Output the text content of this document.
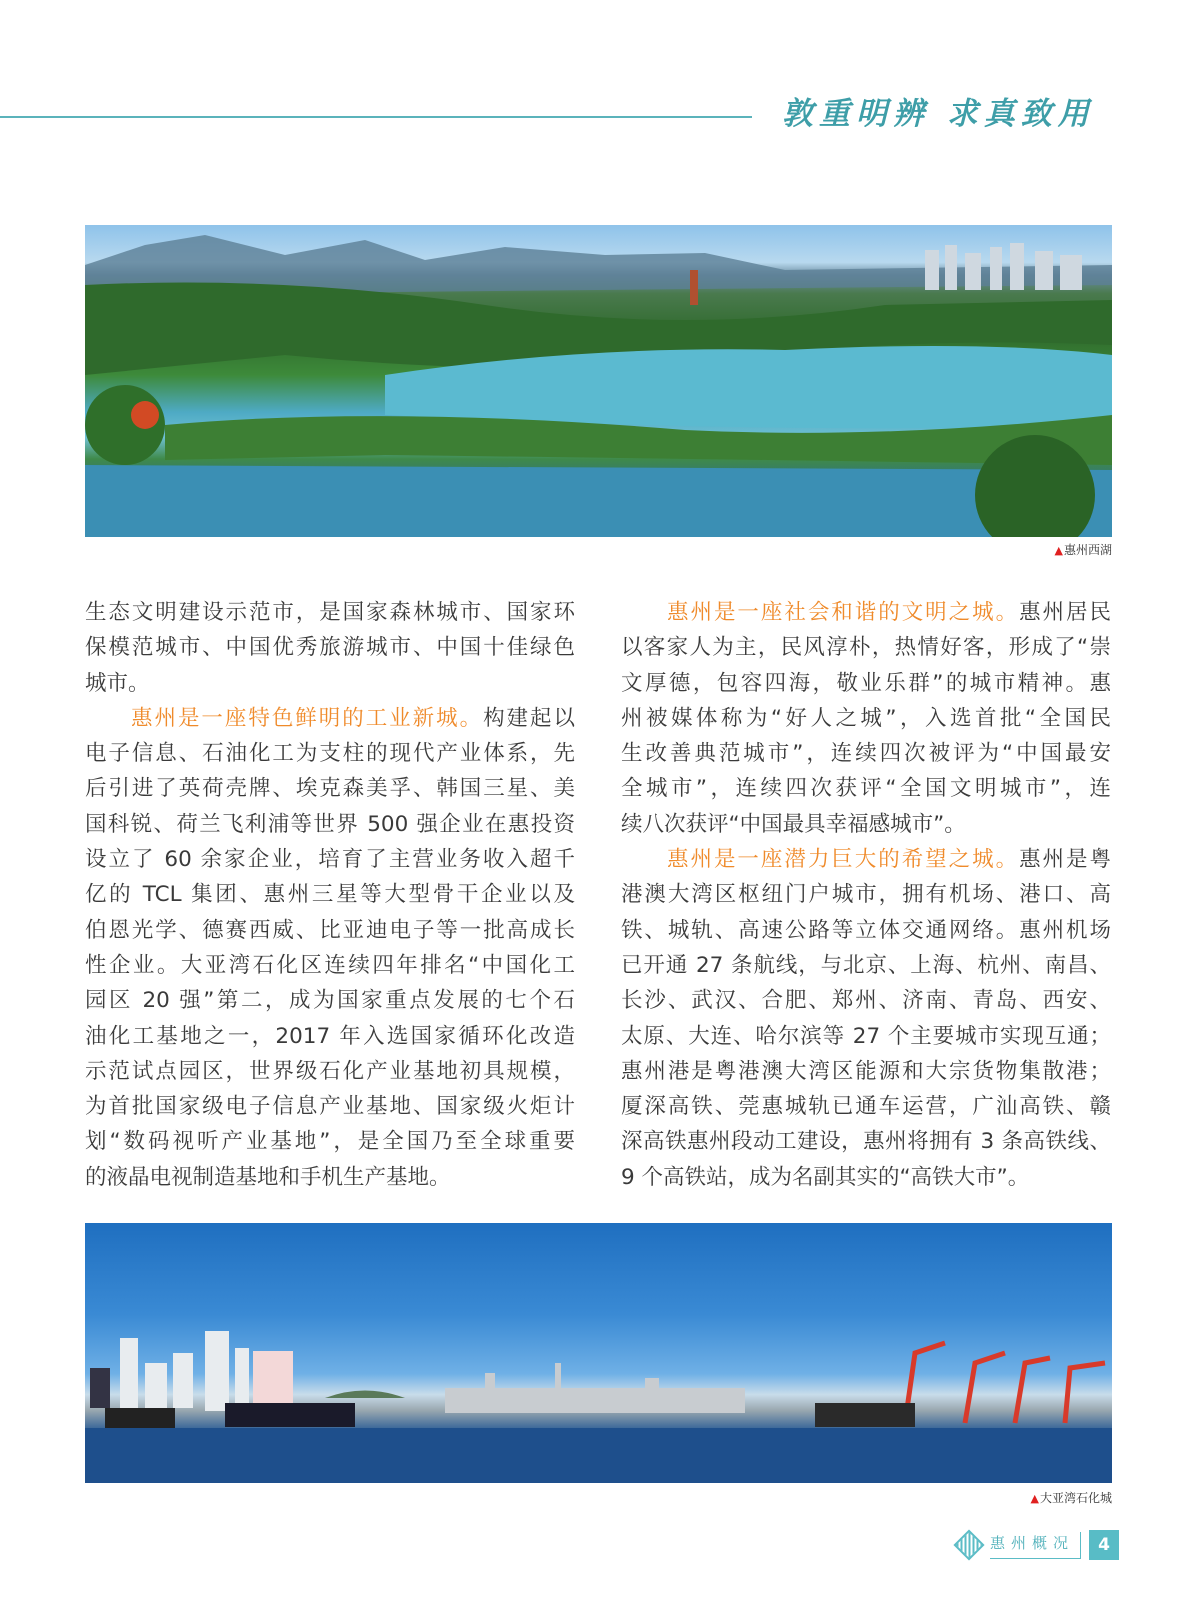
敦重明辨 求真致用
▲惠州西湖
生态文明建设示范市，是国家森林城市、国家环
保模范城市、中国优秀旅游城市、中国十佳绿色
城市。
惠州是一座特色鲜明的工业新城。构建起以
电子信息、石油化工为支柱的现代产业体系，先
后引进了英荷壳牌、埃克森美孚、韩国三星、美
国科锐、荷兰飞利浦等世界 500 强企业在惠投资
设立了 60 余家企业，培育了主营业务收入超千
亿的 TCL 集团、惠州三星等大型骨干企业以及
伯恩光学、德赛西威、比亚迪电子等一批高成长
性企业。大亚湾石化区连续四年排名“中国化工
园区 20 强”第二，成为国家重点发展的七个石
油化工基地之一，2017 年入选国家循环化改造
示范试点园区，世界级石化产业基地初具规模，
为首批国家级电子信息产业基地、国家级火炬计
划“数码视听产业基地”，是全国乃至全球重要
的液晶电视制造基地和手机生产基地。
惠州是一座社会和谐的文明之城。惠州居民
以客家人为主，民风淳朴，热情好客，形成了“崇
文厚德，包容四海，敬业乐群”的城市精神。惠
州被媒体称为“好人之城”，入选首批“全国民
生改善典范城市”，连续四次被评为“中国最安
全城市”，连续四次获评“全国文明城市”，连
续八次获评“中国最具幸福感城市”。
惠州是一座潜力巨大的希望之城。惠州是粤
港澳大湾区枢纽门户城市，拥有机场、港口、高
铁、城轨、高速公路等立体交通网络。惠州机场
已开通 27 条航线，与北京、上海、杭州、南昌、
长沙、武汉、合肥、郑州、济南、青岛、西安、
太原、大连、哈尔滨等 27 个主要城市实现互通；
惠州港是粤港澳大湾区能源和大宗货物集散港；
厦深高铁、莞惠城轨已通车运营，广汕高铁、赣
深高铁惠州段动工建设，惠州将拥有 3 条高铁线、
9 个高铁站，成为名副其实的“高铁大市”。
▲大亚湾石化城
惠州概况	4
